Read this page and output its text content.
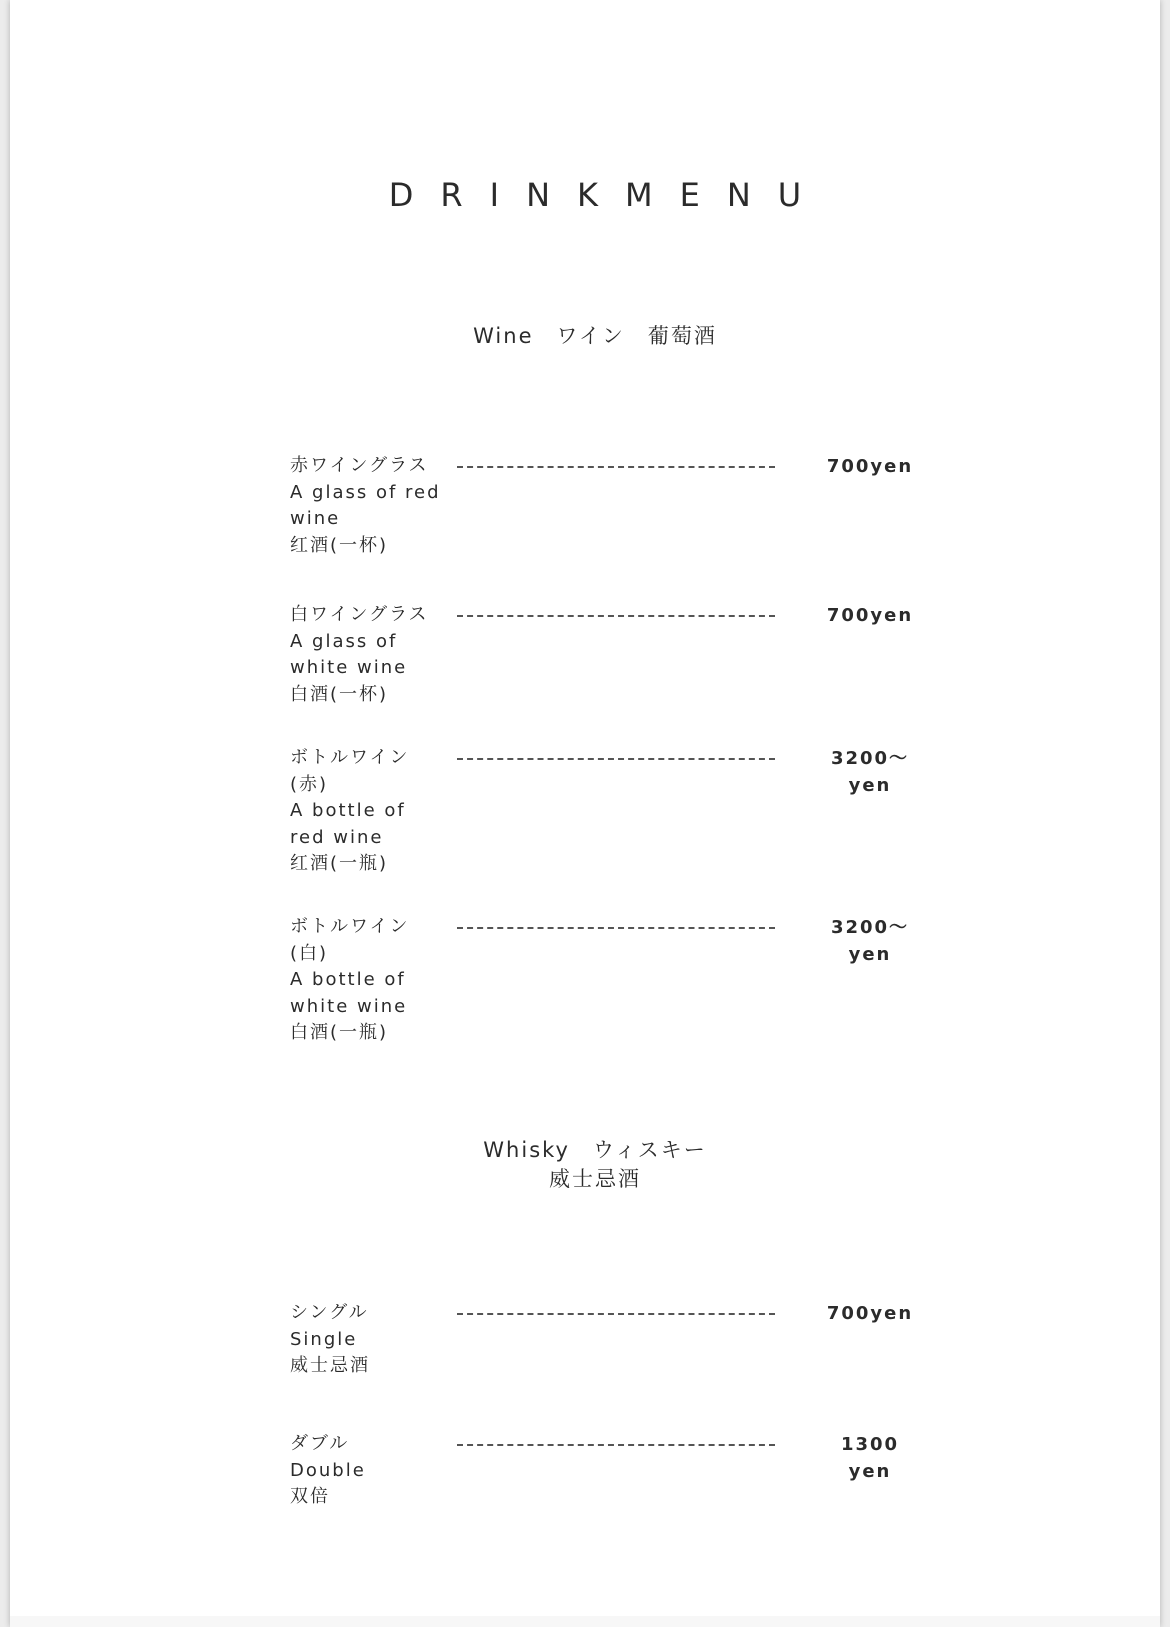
DRINKMENU
Wine　ワイン　葡萄酒
赤ワイングラス
A glass of red
wine
红酒(一杯)
700yen
白ワイングラス
A glass of
white wine
白酒(一杯)
700yen
ボトルワイン
(赤)
A bottle of
red wine
红酒(一瓶)
3200～
yen
ボトルワイン
(白)
A bottle of
white wine
白酒(一瓶)
3200～
yen
Whisky　ウィスキー
威士忌酒
シングル
Single
威士忌酒
700yen
ダブル
Double
双倍
1300
yen
